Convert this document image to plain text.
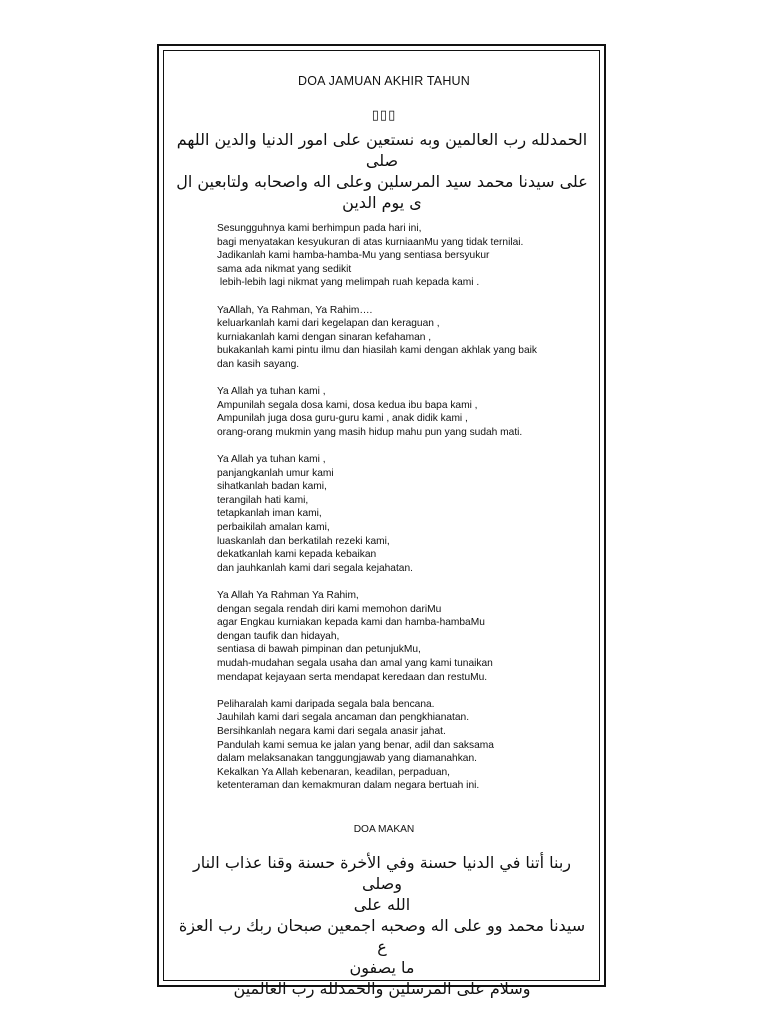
DOA JAMUAN AKHIR TAHUN
▯▯▯
الحمدلله رب العالمين وبه نستعين على امور الدنيا والدين اللهم
صلى
على سيدنا محمد سيد المرسلين وعلى اله واصحابه ولتابعين ال
ى يوم الدين
Sesungguhnya kami berhimpun pada hari ini,
bagi menyatakan kesyukuran di atas kurniaanMu yang tidak ternilai.
Jadikanlah kami hamba-hamba-Mu yang sentiasa bersyukur
sama ada nikmat yang sedikit
lebih-lebih lagi nikmat yang melimpah ruah kepada kami .
YaAllah, Ya Rahman, Ya Rahim….
keluarkanlah kami dari kegelapan dan keraguan ,
kurniakanlah kami dengan sinaran kefahaman ,
bukakanlah kami pintu ilmu dan hiasilah kami dengan akhlak yang baik
dan kasih sayang.
Ya Allah ya tuhan kami ,
Ampunilah segala dosa kami, dosa kedua ibu bapa kami ,
Ampunilah juga dosa guru-guru kami , anak didik kami ,
orang-orang mukmin yang masih hidup mahu pun yang sudah mati.
Ya Allah ya tuhan kami ,
panjangkanlah umur kami
sihatkanlah badan kami,
terangilah hati kami,
tetapkanlah iman kami,
perbaikilah amalan kami,
luaskanlah dan berkatilah rezeki kami,
dekatkanlah kami kepada kebaikan
dan jauhkanlah kami dari segala kejahatan.
Ya Allah Ya Rahman Ya Rahim,
dengan segala rendah diri kami memohon dariMu
agar Engkau kurniakan kepada kami dan hamba-hambaMu
dengan taufik dan hidayah,
sentiasa di bawah pimpinan dan petunjukMu,
mudah-mudahan segala usaha dan amal yang kami tunaikan
mendapat kejayaan serta mendapat keredaan dan restuMu.
Peliharalah kami daripada segala bala bencana.
Jauhilah kami dari segala ancaman dan pengkhianatan.
Bersihkanlah negara kami dari segala anasir jahat.
Pandulah kami semua ke jalan yang benar, adil dan saksama
dalam melaksanakan tanggungjawab yang diamanahkan.
Kekalkan Ya Allah kebenaran, keadilan, perpaduan,
ketenteraman dan kemakmuran dalam negara bertuah ini.
DOA MAKAN
ربنا أتنا في الدنيا حسنة وفي الأخرة حسنة وقنا عذاب النار وصلى
الله على
سيدنا محمد وو على اله وصحبه اجمعين صبحان ربك رب العزة ع
ما يصفون
وسلام على المرسلين والحمدلله رب العالمين
